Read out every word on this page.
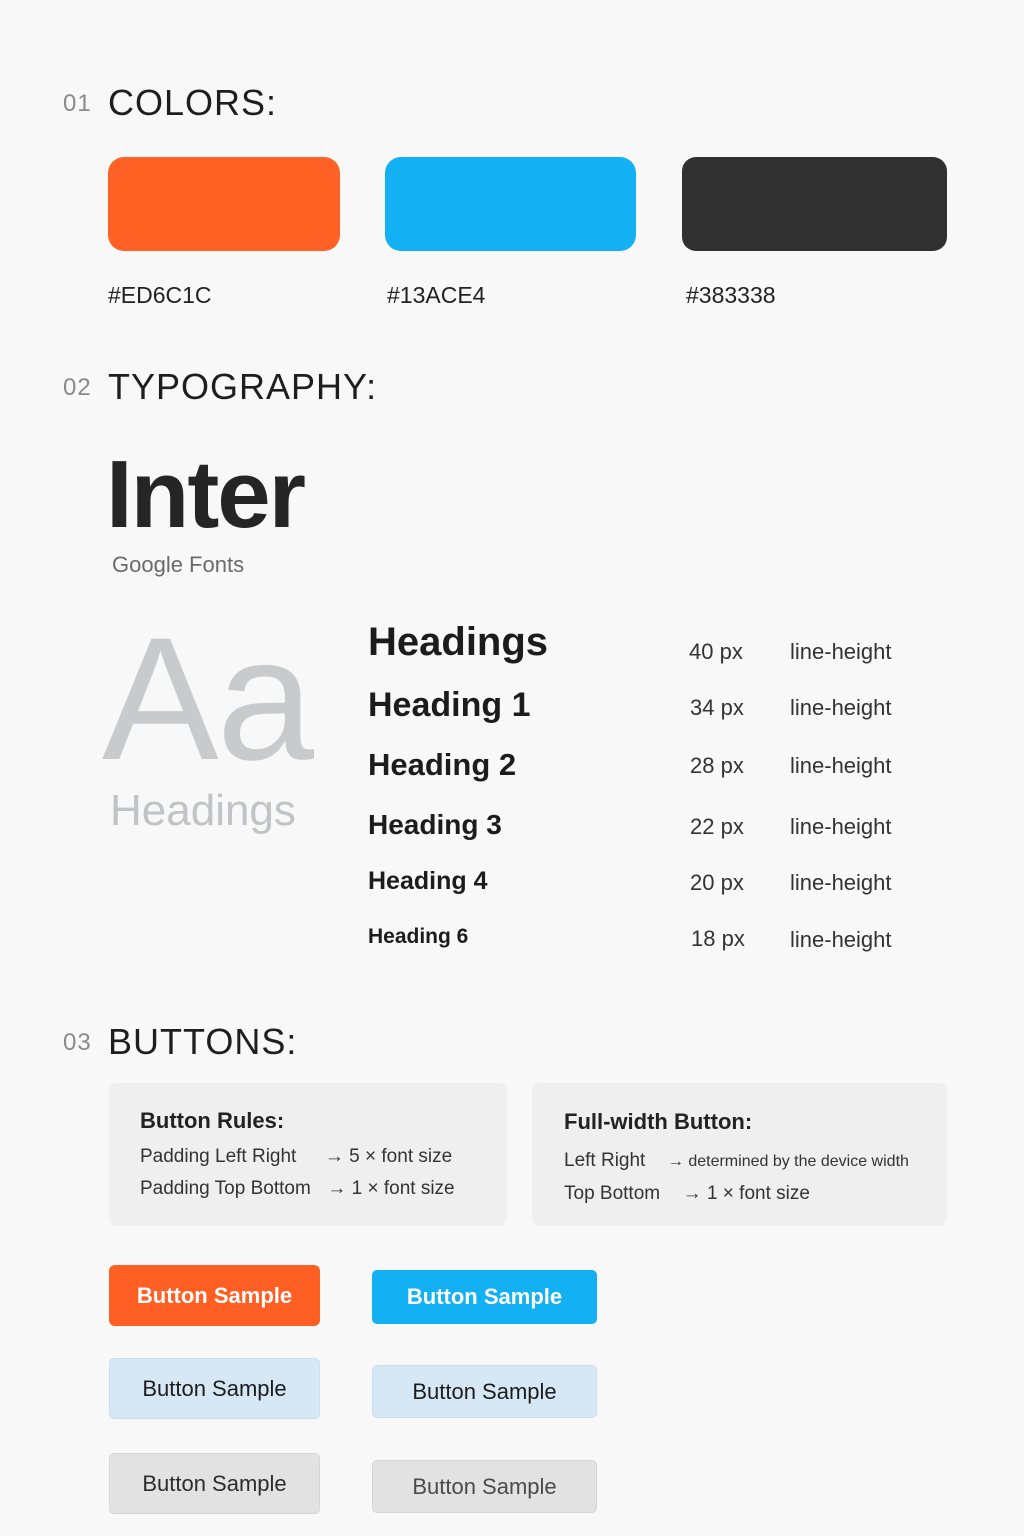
01 COLORS:
#ED6C1C	#13ACE4	#383338
02 TYPOGRAPHY:
Inter
Google Fonts
Aa
Headings
Headings	40 px line-height
Heading 1	34 px line-height
Heading 2	28 px line-height
Heading 3	22 px line-height
Heading 4	20 px line-height
Heading 6	18 px line-height
03 BUTTONS:
Button Rules:
Padding Left Right → 5 × font size
Padding Top Bottom → 1 × font size
Full-width Button:
Left Right → determined by the device width
Top Bottom → 1 × font size
Button Sample	Button Sample
Button Sample	Button Sample
Button Sample	Button Sample
